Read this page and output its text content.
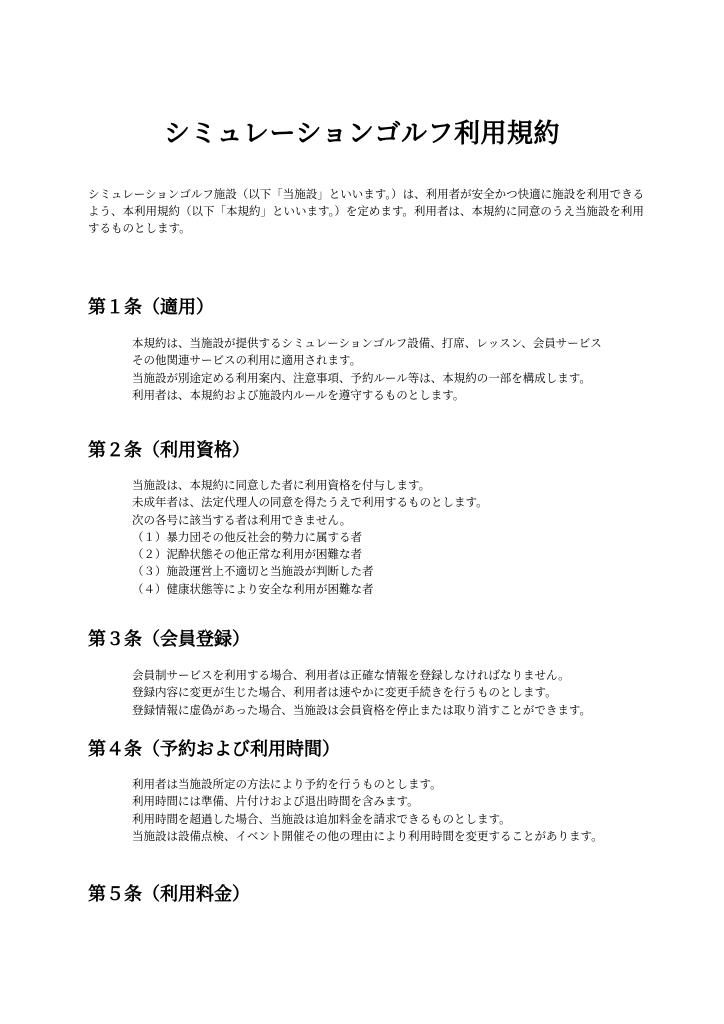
シミュレーションゴルフ利用規約

シミュレーションゴルフ施設（以下「当施設」といいます。）は、利用者が安全かつ快適に施設を利用できるよう、本利用規約（以下「本規約」といいます。）を定めます。利用者は、本規約に同意のうえ当施設を利用するものとします。

第１条（適用）
本規約は、当施設が提供するシミュレーションゴルフ設備、打席、レッスン、会員サービス
その他関連サービスの利用に適用されます。
当施設が別途定める利用案内、注意事項、予約ルール等は、本規約の一部を構成します。
利用者は、本規約および施設内ルールを遵守するものとします。
第２条（利用資格）
当施設は、本規約に同意した者に利用資格を付与します。
未成年者は、法定代理人の同意を得たうえで利用するものとします。
次の各号に該当する者は利用できません。
（１）暴力団その他反社会的勢力に属する者
（２）泥酔状態その他正常な利用が困難な者
（３）施設運営上不適切と当施設が判断した者
（４）健康状態等により安全な利用が困難な者
第３条（会員登録）
会員制サービスを利用する場合、利用者は正確な情報を登録しなければなりません。
登録内容に変更が生じた場合、利用者は速やかに変更手続きを行うものとします。
登録情報に虚偽があった場合、当施設は会員資格を停止または取り消すことができます。
第４条（予約および利用時間）
利用者は当施設所定の方法により予約を行うものとします。
利用時間には準備、片付けおよび退出時間を含みます。
利用時間を超過した場合、当施設は追加料金を請求できるものとします。
当施設は設備点検、イベント開催その他の理由により利用時間を変更することがあります。
第５条（利用料金）
